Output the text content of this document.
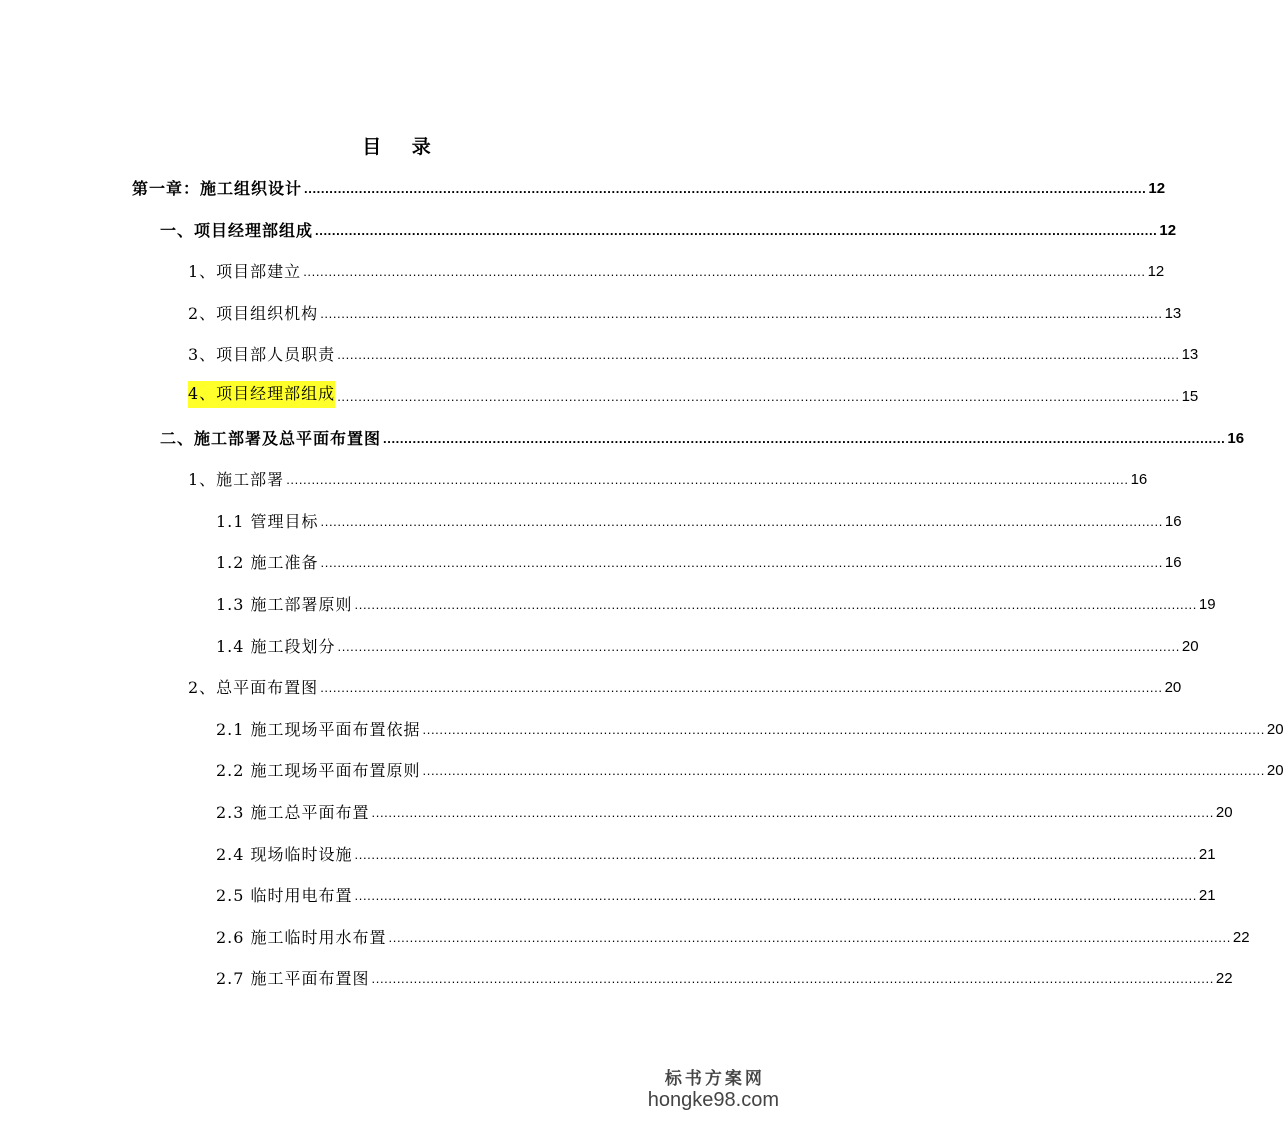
目 录
第一章：施工组织设计 ........................................................................................................................................................................................................ 12
一、项目经理部组成 ........................................................................................................................................................................................................ 12
1、项目部建立 ........................................................................................................................................................................................................ 12
2、项目组织机构 ........................................................................................................................................................................................................ 13
3、项目部人员职责 ........................................................................................................................................................................................................ 13
4、项目经理部组成 ........................................................................................................................................................................................................ 15
二、施工部署及总平面布置图 ........................................................................................................................................................................................................ 16
1、施工部署 ........................................................................................................................................................................................................ 16
1.1 管理目标 ........................................................................................................................................................................................................ 16
1.2 施工准备 ........................................................................................................................................................................................................ 16
1.3 施工部署原则 ........................................................................................................................................................................................................ 19
1.4 施工段划分 ........................................................................................................................................................................................................ 20
2、总平面布置图 ........................................................................................................................................................................................................ 20
2.1 施工现场平面布置依据 ........................................................................................................................................................................................................ 20
2.2 施工现场平面布置原则 ........................................................................................................................................................................................................ 20
2.3 施工总平面布置 ........................................................................................................................................................................................................ 20
2.4 现场临时设施 ........................................................................................................................................................................................................ 21
2.5 临时用电布置 ........................................................................................................................................................................................................ 21
2.6 施工临时用水布置 ........................................................................................................................................................................................................ 22
2.7 施工平面布置图 ........................................................................................................................................................................................................ 22
标书方案网
hongke98.com
